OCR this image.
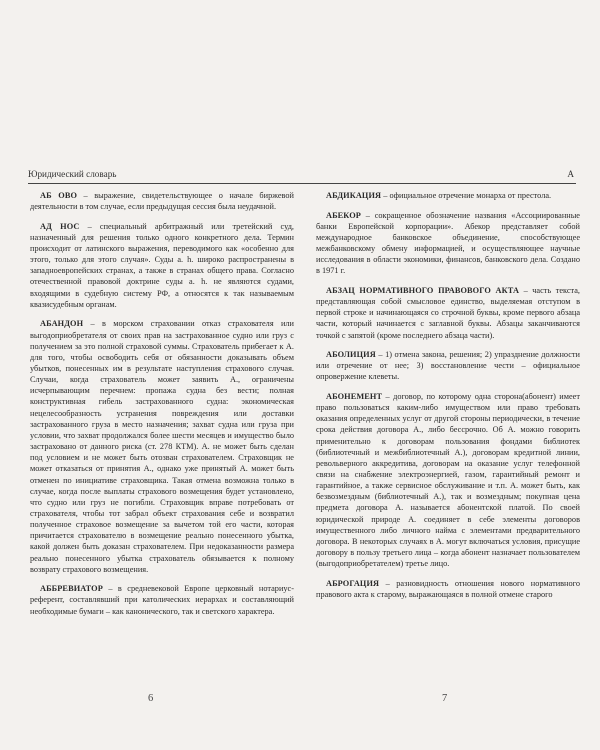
Юридический словарь	А

АБ ОВО – выражение, свидетельствующее о начале биржевой деятельности в том случае, если предыдущая сессия была неудачной.

АД НОС – специальный арбитражный или третейский суд, назначенный для решения только одного конкретного дела. Термин происходит от латинского выражения, переводимого как «особенно для этого, только для этого случая». Суды a. h. широко распространены в западноевропейских странах, а также в странах общего права. Согласно отечественной правовой доктрине суды a. h. не являются судами, входящими в судебную систему РФ, а относятся к так называемым квазисудебным органам.

АБАНДОН – в морском страховании отказ страхователя или выгодоприобретателя от своих прав на застрахованное судно или груз с получением за это полной страховой суммы. Страхователь прибегает к А. для того, чтобы освободить себя от обязанности доказывать объем убытков, понесенных им в результате наступления страхового случая. Случаи, когда страхователь может заявить А., ограничены исчерпывающим перечнем: пропажа судна без вести; полная конструктивная гибель застрахованного судна: экономическая нецелесообразность устранения повреждения или доставки застрахованного груза в место назначения; захват судна или груза при условии, что захват продолжался более шести месяцев и имущество было застраховано от данного риска (ст. 278 КТМ). А. не может быть сделан под условием и не может быть отозван страхователем. Страховщик не может отказаться от принятия А., однако уже принятый А. может быть отменен по инициативе страховщика. Такая отмена возможна только в случае, когда после выплаты страхового возмещения будет установлено, что судно или груз не погибли. Страховщик вправе потребовать от страхователя, чтобы тот забрал объект страхования себе и возвратил полученное страховое возмещение за вычетом той его части, которая причитается страхователю в возмещение реально понесенного убытка, какой должен быть доказан страхователем. При недоказанности размера реально понесенного убытка страхователь обязывается к полному возврату страхового возмещения.

АББРЕВИАТОР – в средневековой Европе церковный нотариус-референт, составлявший при католических иерархах и составляющий необходимые бумаги – как канонического, так и светского характера.

АБДИКАЦИЯ – официальное отречение монарха от престола.

АБЕКОР – сокращенное обозначение названия «Ассоциированные банки Европейской корпорации». Абекор представляет собой международное банковское объединение, способствующее межбанковскому обмену информацией, и осуществляющее научные исследования в области экономики, финансов, банковского дела. Создано в 1971 г.

АБЗАЦ НОРМАТИВНОГО ПРАВОВОГО АКТА – часть текста, представляющая собой смысловое единство, выделяемая отступом в первой строке и начинающаяся со строчной буквы, кроме первого абзаца части, который начинается с заглавной буквы. Абзацы заканчиваются точкой с запятой (кроме последнего абзаца части).

АБОЛИЦИЯ – 1) отмена закона, решения; 2) упразднение должности или отречение от нее; 3) восстановление чести – официальное опровержение клеветы.

АБОНЕМЕНТ – договор, по которому одна сторона(абонент) имеет право пользоваться каким-либо имуществом или право требовать оказания определенных услуг от другой стороны периодически, в течение срока действия договора А., либо бесcрочно. Об А. можно говорить применительно к договорам пользования фондами библиотек (библиотечный и межбиблиотечный А.), договорам кредитной линии, револьверного аккредитива, договорам на оказание услуг телефонной связи на снабжение электроэнергией, газом, гарантийный ремонт и гарантийное, а также сервисное обслуживание и т.п. А. может быть, как безвозмездным (библиотечный А.), так и возмездным; покупная цена предмета договора А. называется абонентской платой. По своей юридической природе А. соединяет в себе элементы договоров имущественного либо личного найма с элементами предварительного договора. В некоторых случаях в А. могут включаться условия, присущие договору в пользу третьего лица – когда абонент назначает пользователем (выгодоприобретателем) третье лицо.

АБРОГАЦИЯ – разновидность отношения нового нормативного правового акта к старому, выражающаяся в полной отмене старого

6	7
